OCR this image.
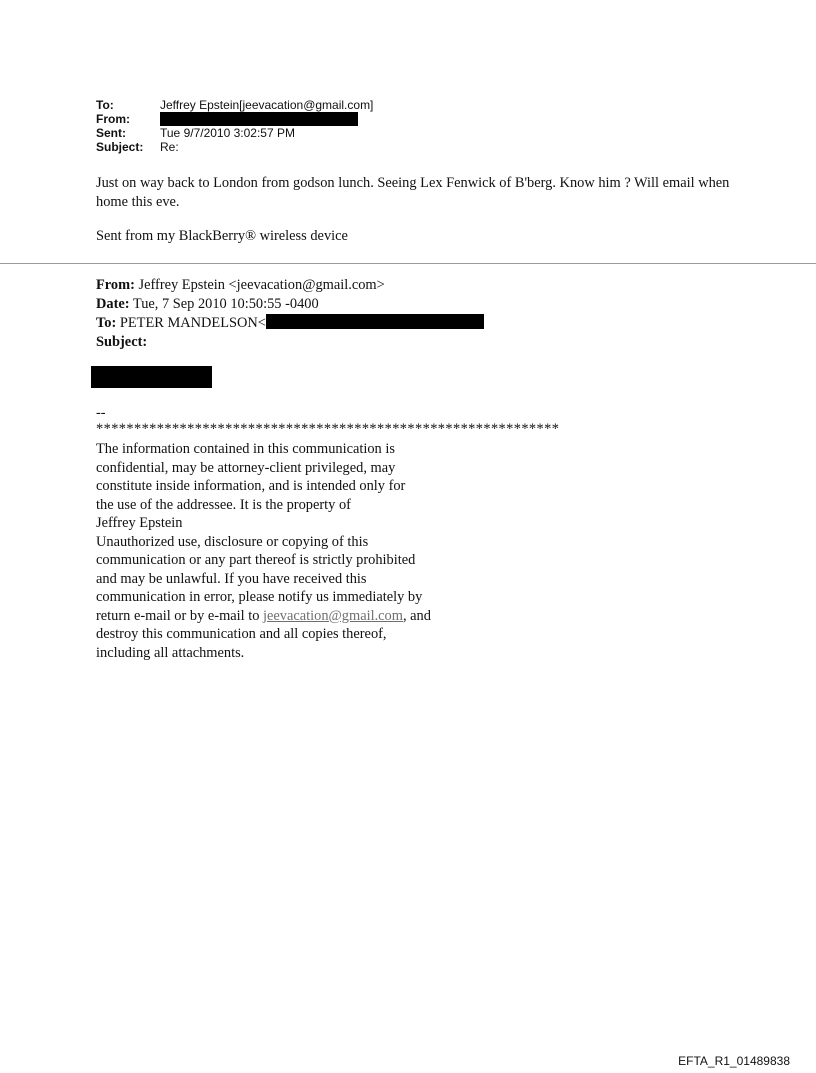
To:	Jeffrey Epstein[jeevacation@gmail.com]
From:
Sent:	Tue 9/7/2010 3:02:57 PM
Subject:	Re:
Just on way back to London from godson lunch. Seeing Lex Fenwick of B'berg. Know him ? Will email when home this eve.
Sent from my BlackBerry® wireless device
From: Jeffrey Epstein <jeevacation@gmail.com>
Date: Tue, 7 Sep 2010 10:50:55 -0400
To: PETER MANDELSON<
Subject:
--
*************************************************************
The information contained in this communication is
confidential, may be attorney-client privileged, may
constitute inside information, and is intended only for
the use of the addressee. It is the property of
Jeffrey Epstein
Unauthorized use, disclosure or copying of this
communication or any part thereof is strictly prohibited
and may be unlawful. If you have received this
communication in error, please notify us immediately by
return e-mail or by e-mail to jeevacation@gmail.com, and
destroy this communication and all copies thereof,
including all attachments.
EFTA_R1_01489838
